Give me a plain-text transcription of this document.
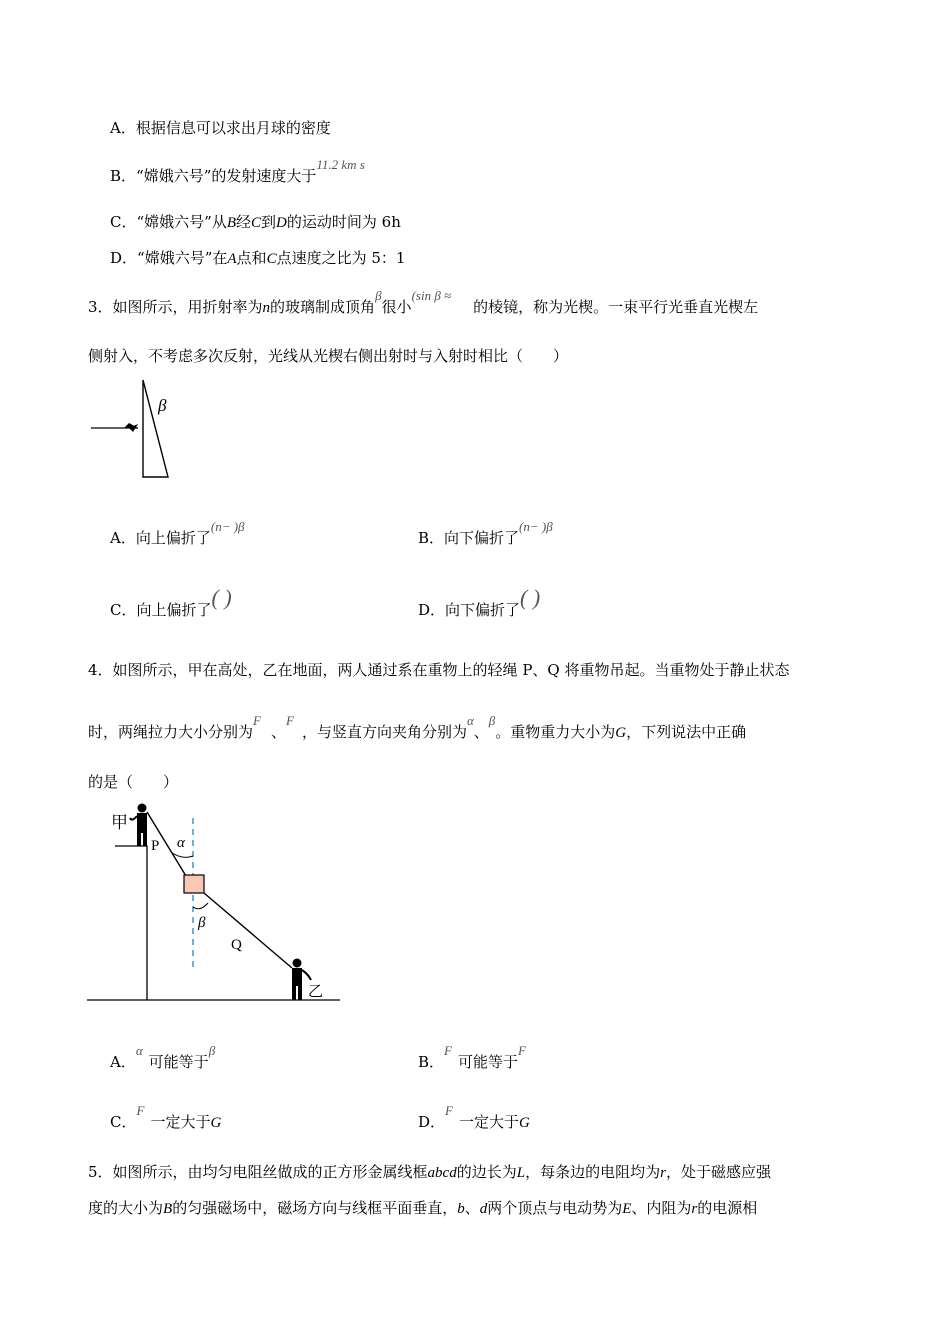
A．根据信息可以求出月球的密度
B．“嫦娥六号”的发射速度大于11.2 km s
C．“嫦娥六号”从B经C到D的运动时间为 6h
D．“嫦娥六号”在A点和C点速度之比为 5：1
3．如图所示，用折射率为n的玻璃制成顶角β很小(sin β ≈的棱镜，称为光楔。一束平行光垂直光楔左
侧射入，不考虑多次反射，光线从光楔右侧出射时与入射时相比（　　）
β
A．向上偏折了(n− )β
B．向下偏折了(n− )β
C．向上偏折了( )	D．向下偏折了( )
4．如图所示，甲在高处，乙在地面，两人通过系在重物上的轻绳 P、Q 将重物吊起。当重物处于静止状态
时，两绳拉力大小分别为F、F，与竖直方向夹角分别为α、β。重物重力大小为G，下列说法中正确
的是（　　）
甲
P α
β
Q
乙
A．α可能等于β
B．F可能等于F
C．F一定大于G	D．F一定大于G
5．如图所示，由均匀电阻丝做成的正方形金属线框abcd的边长为L，每条边的电阻均为r，处于磁感应强
度的大小为B的匀强磁场中，磁场方向与线框平面垂直，b、d两个顶点与电动势为E、内阻为r的电源相
